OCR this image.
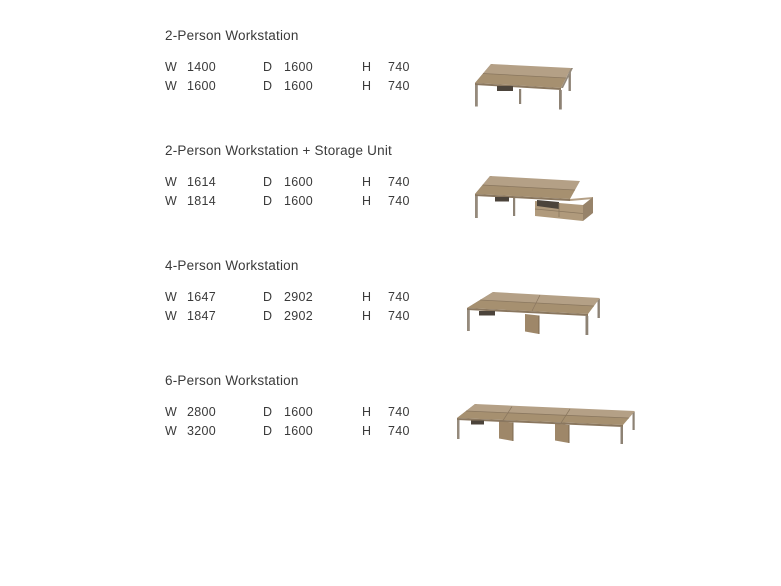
2-Person Workstation
W 1400	D 1600	H	740
W 1600	D 1600	H	740
2-Person Workstation + Storage Unit
W 1614	D 1600	H	740
W 1814	D 1600	H	740
4-Person Workstation
W 1647	D 2902	H	740
W 1847	D 2902	H	740
6-Person Workstation
W 2800	D 1600	H	740
W 3200	D 1600	H	740
